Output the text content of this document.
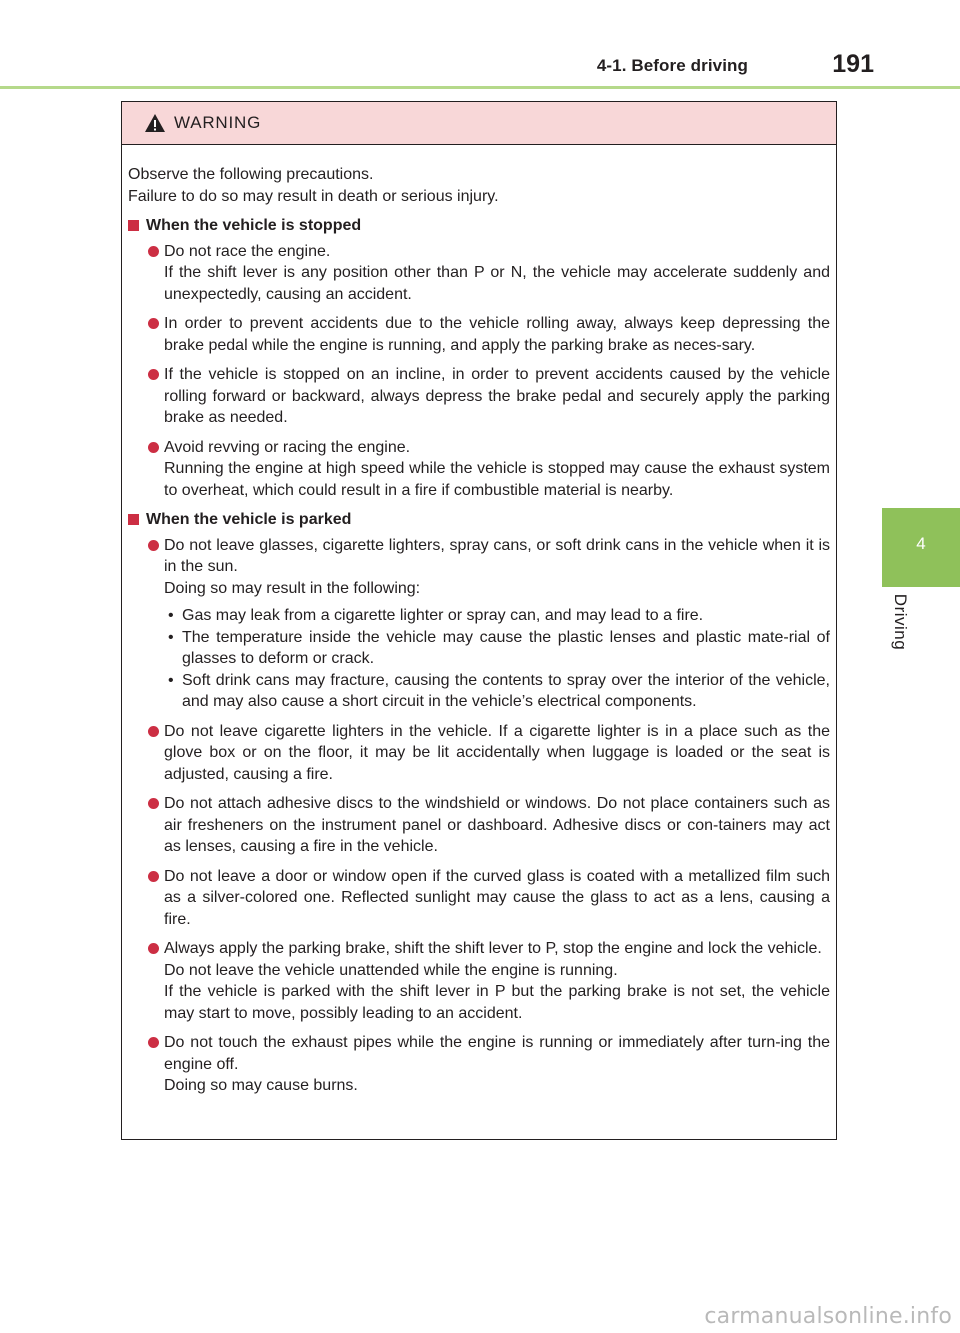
4-1. Before driving	191
4
Driving
WARNING

Observe the following precautions.

Failure to do so may result in death or serious injury.

When the vehicle is stopped

Do not race the engine.

If the shift lever is any position other than P or N, the vehicle may accelerate suddenly and unexpectedly, causing an accident.

In order to prevent accidents due to the vehicle rolling away, always keep depressing the brake pedal while the engine is running, and apply the parking brake as neces-sary.

If the vehicle is stopped on an incline, in order to prevent accidents caused by the vehicle rolling forward or backward, always depress the brake pedal and securely apply the parking brake as needed.

Avoid revving or racing the engine.

Running the engine at high speed while the vehicle is stopped may cause the exhaust system to overheat, which could result in a fire if combustible material is nearby.

When the vehicle is parked

Do not leave glasses, cigarette lighters, spray cans, or soft drink cans in the vehicle when it is in the sun.

Doing so may result in the following:

• Gas may leak from a cigarette lighter or spray can, and may lead to a fire.
• The temperature inside the vehicle may cause the plastic lenses and plastic mate-rial of glasses to deform or crack.
• Soft drink cans may fracture, causing the contents to spray over the interior of the vehicle, and may also cause a short circuit in the vehicle’s electrical components.

Do not leave cigarette lighters in the vehicle. If a cigarette lighter is in a place such as the glove box or on the floor, it may be lit accidentally when luggage is loaded or the seat is adjusted, causing a fire.

Do not attach adhesive discs to the windshield or windows. Do not place containers such as air fresheners on the instrument panel or dashboard. Adhesive discs or con-tainers may act as lenses, causing a fire in the vehicle.

Do not leave a door or window open if the curved glass is coated with a metallized film such as a silver-colored one. Reflected sunlight may cause the glass to act as a lens, causing a fire.

Always apply the parking brake, shift the shift lever to P, stop the engine and lock the vehicle.

Do not leave the vehicle unattended while the engine is running.

If the vehicle is parked with the shift lever in P but the parking brake is not set, the vehicle may start to move, possibly leading to an accident.

Do not touch the exhaust pipes while the engine is running or immediately after turn-ing the engine off.

Doing so may cause burns.

carmanualsonline.info
